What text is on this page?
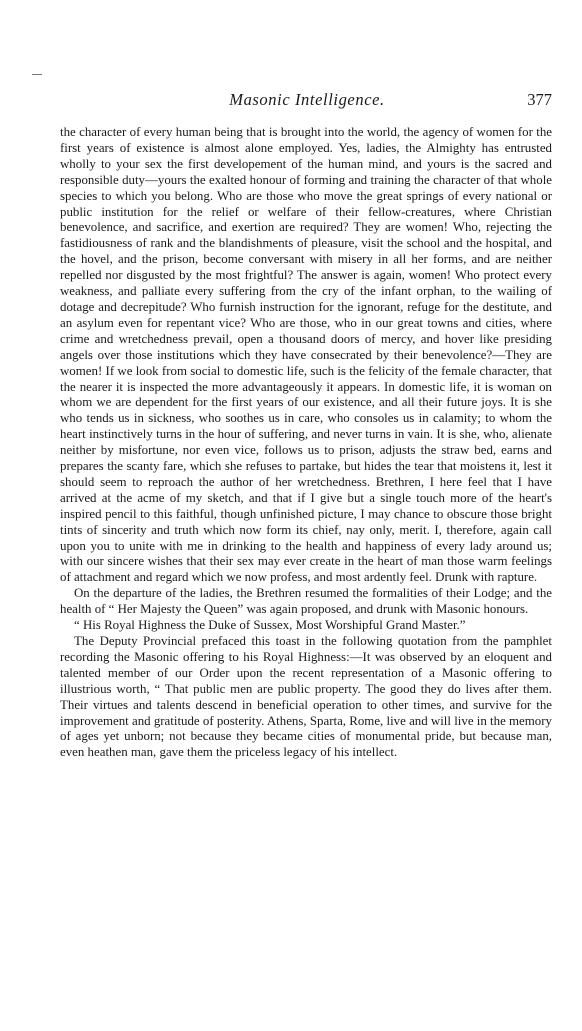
Masonic Intelligence.	377

the character of every human being that is brought into the world, the agency of women for the first years of existence is almost alone employed. Yes, ladies, the Almighty has entrusted wholly to your sex the first developement of the human mind, and yours is the sacred and responsible duty—yours the exalted honour of forming and training the character of that whole species to which you belong. Who are those who move the great springs of every national or public institution for the relief or welfare of their fellow-creatures, where Christian benevolence, and sacrifice, and exertion are required? They are women! Who, rejecting the fastidiousness of rank and the blandishments of pleasure, visit the school and the hospital, and the hovel, and the prison, become conversant with misery in all her forms, and are neither repelled nor disgusted by the most frightful? The answer is again, women! Who protect every weakness, and palliate every suffering from the cry of the infant orphan, to the wailing of dotage and decrepitude? Who furnish instruction for the ignorant, refuge for the destitute, and an asylum even for repentant vice? Who are those, who in our great towns and cities, where crime and wretchedness prevail, open a thousand doors of mercy, and hover like presiding angels over those institutions which they have consecrated by their benevolence?—They are women! If we look from social to domestic life, such is the felicity of the female character, that the nearer it is inspected the more advantageously it appears. In domestic life, it is woman on whom we are dependent for the first years of our existence, and all their future joys. It is she who tends us in sickness, who soothes us in care, who consoles us in calamity; to whom the heart instinctively turns in the hour of suffering, and never turns in vain. It is she, who, alienate neither by misfortune, nor even vice, follows us to prison, adjusts the straw bed, earns and prepares the scanty fare, which she refuses to partake, but hides the tear that moistens it, lest it should seem to reproach the author of her wretchedness. Brethren, I here feel that I have arrived at the acme of my sketch, and that if I give but a single touch more of the heart's inspired pencil to this faithful, though unfinished picture, I may chance to obscure those bright tints of sincerity and truth which now form its chief, nay only, merit. I, therefore, again call upon you to unite with me in drinking to the health and happiness of every lady around us; with our sincere wishes that their sex may ever create in the heart of man those warm feelings of attachment and regard which we now profess, and most ardently feel. Drunk with rapture.

On the departure of the ladies, the Brethren resumed the formalities of their Lodge; and the health of “ Her Majesty the Queen” was again proposed, and drunk with Masonic honours.

“ His Royal Highness the Duke of Sussex, Most Worshipful Grand Master.”

The Deputy Provincial prefaced this toast in the following quotation from the pamphlet recording the Masonic offering to his Royal Highness:—It was observed by an eloquent and talented member of our Order upon the recent representation of a Masonic offering to illustrious worth, “ That public men are public property. The good they do lives after them. Their virtues and talents descend in beneficial operation to other times, and survive for the improvement and gratitude of posterity. Athens, Sparta, Rome, live and will live in the memory of ages yet unborn; not because they became cities of monumental pride, but because man, even heathen man, gave them the priceless legacy of his intellect.
